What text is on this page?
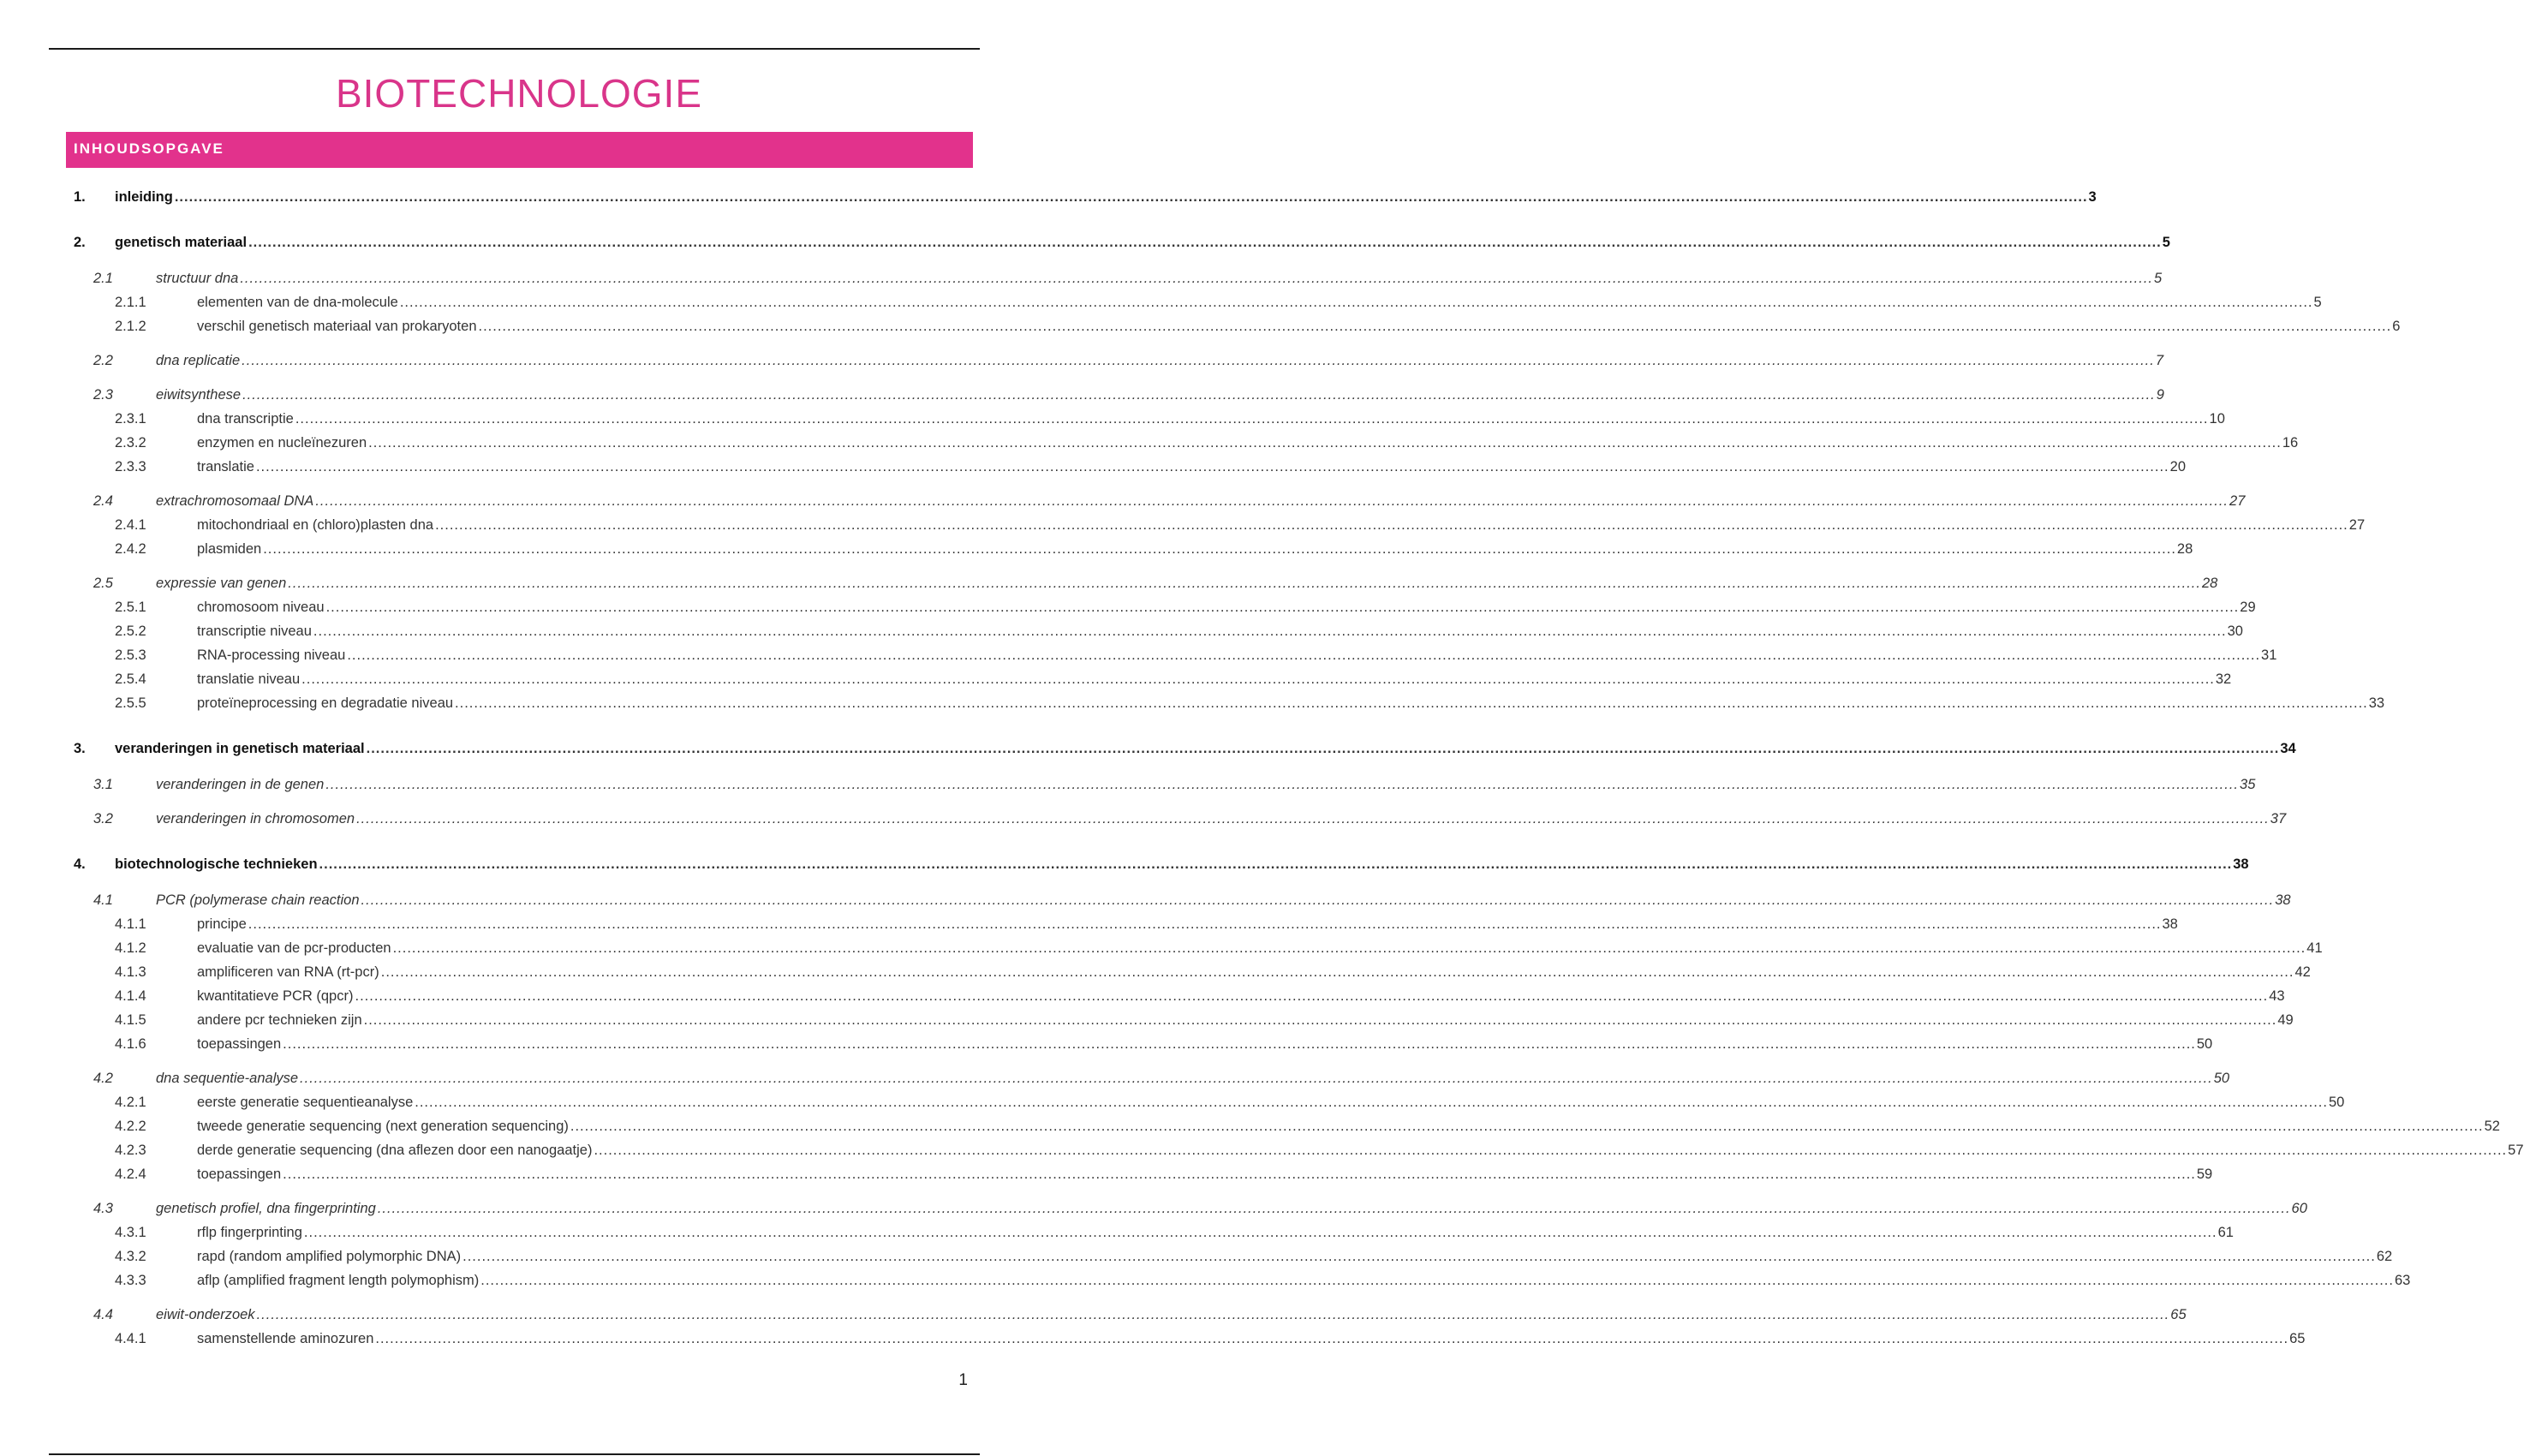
BIOTECHNOLOGIE
INHOUDSOPGAVE
1. inleiding ................................................................................................................................................................................................................................................................................................................................................................................................................ 3
2. genetisch materiaal ................................................................................................................................................................................................................................................................................................................................................................................................................ 5
2.1	structuur dna ................................................................................................................................................................................................................................................................................................................................................................................................................ 5
2.1.1	elementen van de dna-molecule ................................................................................................................................................................................................................................................................................................................................................................................................................ 5
2.1.2	verschil genetisch materiaal van prokaryoten ................................................................................................................................................................................................................................................................................................................................................................................................................ 6
2.2	dna replicatie ................................................................................................................................................................................................................................................................................................................................................................................................................ 7
2.3	eiwitsynthese ................................................................................................................................................................................................................................................................................................................................................................................................................ 9
2.3.1	dna transcriptie ................................................................................................................................................................................................................................................................................................................................................................................................................ 10
2.3.2	enzymen en nucleïnezuren ................................................................................................................................................................................................................................................................................................................................................................................................................ 16
2.3.3	translatie ................................................................................................................................................................................................................................................................................................................................................................................................................ 20
2.4	extrachromosomaal DNA ................................................................................................................................................................................................................................................................................................................................................................................................................ 27
2.4.1	mitochondriaal en (chloro)plasten dna ................................................................................................................................................................................................................................................................................................................................................................................................................ 27
2.4.2	plasmiden ................................................................................................................................................................................................................................................................................................................................................................................................................ 28
2.5	expressie van genen ................................................................................................................................................................................................................................................................................................................................................................................................................ 28
2.5.1	chromosoom niveau ................................................................................................................................................................................................................................................................................................................................................................................................................ 29
2.5.2	transcriptie niveau ................................................................................................................................................................................................................................................................................................................................................................................................................ 30
2.5.3	RNA-processing niveau ................................................................................................................................................................................................................................................................................................................................................................................................................ 31
2.5.4	translatie niveau ................................................................................................................................................................................................................................................................................................................................................................................................................ 32
2.5.5	proteïneprocessing en degradatie niveau ................................................................................................................................................................................................................................................................................................................................................................................................................ 33
3. veranderingen in genetisch materiaal ................................................................................................................................................................................................................................................................................................................................................................................................................ 34
3.1	veranderingen in de genen ................................................................................................................................................................................................................................................................................................................................................................................................................ 35
3.2	veranderingen in chromosomen ................................................................................................................................................................................................................................................................................................................................................................................................................ 37
4. biotechnologische technieken ................................................................................................................................................................................................................................................................................................................................................................................................................ 38
4.1	PCR (polymerase chain reaction ................................................................................................................................................................................................................................................................................................................................................................................................................ 38
4.1.1	principe ................................................................................................................................................................................................................................................................................................................................................................................................................ 38
4.1.2	evaluatie van de pcr-producten ................................................................................................................................................................................................................................................................................................................................................................................................................ 41
4.1.3	amplificeren van RNA (rt-pcr) ................................................................................................................................................................................................................................................................................................................................................................................................................ 42
4.1.4	kwantitatieve PCR (qpcr) ................................................................................................................................................................................................................................................................................................................................................................................................................ 43
4.1.5	andere pcr technieken zijn ................................................................................................................................................................................................................................................................................................................................................................................................................ 49
4.1.6	toepassingen ................................................................................................................................................................................................................................................................................................................................................................................................................ 50
4.2	dna sequentie-analyse ................................................................................................................................................................................................................................................................................................................................................................................................................ 50
4.2.1	eerste generatie sequentieanalyse ................................................................................................................................................................................................................................................................................................................................................................................................................ 50
4.2.2	tweede generatie sequencing (next generation sequencing) ................................................................................................................................................................................................................................................................................................................................................................................................................ 52
4.2.3	derde generatie sequencing (dna aflezen door een nanogaatje) ................................................................................................................................................................................................................................................................................................................................................................................................................ 57
4.2.4	toepassingen ................................................................................................................................................................................................................................................................................................................................................................................................................ 59
4.3	genetisch profiel, dna fingerprinting ................................................................................................................................................................................................................................................................................................................................................................................................................ 60
4.3.1	rflp fingerprinting ................................................................................................................................................................................................................................................................................................................................................................................................................ 61
4.3.2	rapd (random amplified polymorphic DNA) ................................................................................................................................................................................................................................................................................................................................................................................................................ 62
4.3.3	aflp (amplified fragment length polymophism) ................................................................................................................................................................................................................................................................................................................................................................................................................ 63
4.4	eiwit-onderzoek ................................................................................................................................................................................................................................................................................................................................................................................................................ 65
4.4.1	samenstellende aminozuren ................................................................................................................................................................................................................................................................................................................................................................................................................ 65
1
